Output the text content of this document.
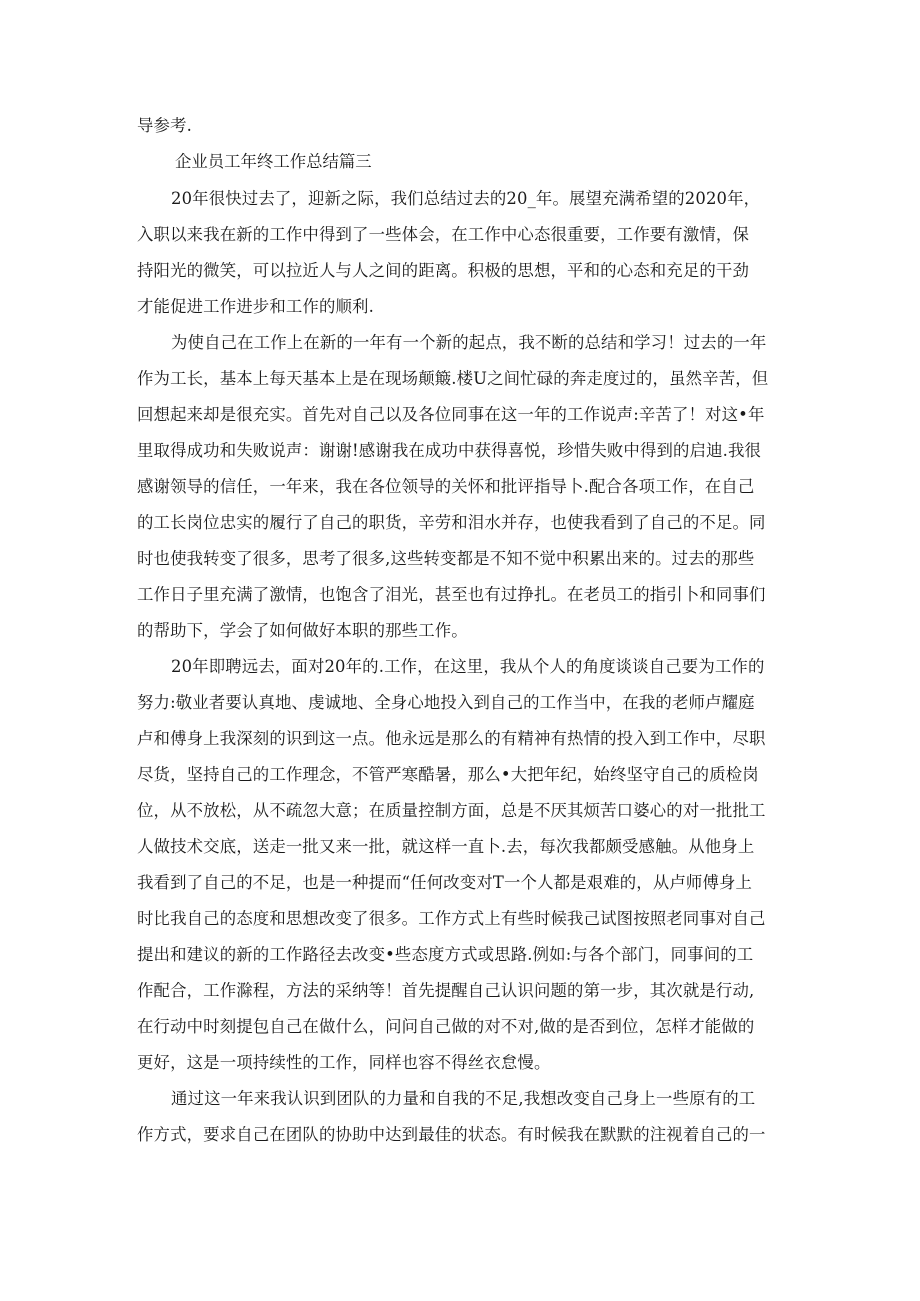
导参考.
企业员工年终工作总结篇三
20年很快过去了，迎新之际，我们总结过去的20_年。展望充满希望的2020年，
入职以来我在新的工作中得到了一些体会，在工作中心态很重要，工作要有激情，保
持阳光的微笑，可以拉近人与人之间的距离。积极的思想，平和的心态和充足的干劲
才能促进工作进步和工作的顺利.
为使自己在工作上在新的一年有一个新的起点，我不断的总结和学习！过去的一年
作为工长，基本上每天基本上是在现场颠簸.楼U之间忙碌的奔走度过的，虽然辛苦，但
回想起来却是很充实。首先对自己以及各位同事在这一年的工作说声:辛苦了！对这•年
里取得成功和失败说声：谢谢!感谢我在成功中获得喜悦，珍惜失败中得到的启迪.我很
感谢领导的信任，一年来，我在各位领导的关怀和批评指导卜.配合各项工作，在自己
的工长岗位忠实的履行了自己的职货，辛劳和泪水并存，也使我看到了自己的不足。同
时也使我转变了很多，思考了很多,这些转变都是不知不觉中积累出来的。过去的那些
工作日子里充满了激情，也饱含了泪光，甚至也有过挣扎。在老员工的指引卜和同事们
的帮助下，学会了如何做好本职的那些工作。
20年即聘远去，面对20年的.工作，在这里，我从个人的角度谈谈自己要为工作的
努力:敬业者要认真地、虔诚地、全身心地投入到自己的工作当中，在我的老师卢耀庭
卢和傅身上我深刻的识到这一点。他永远是那么的有精神有热情的投入到工作中，尽职
尽货，坚持自己的工作理念，不管严寒酷暑，那么•大把年纪，始终坚守自己的质检岗
位，从不放松，从不疏忽大意；在质量控制方面，总是不厌其烦苦口婆心的对一批批工
人做技术交底，送走一批又来一批，就这样一直卜.去，每次我都颇受感触。从他身上
我看到了自己的不足，也是一种提而“任何改变对T一个人都是艰难的，从卢师傅身上
时比我自己的态度和思想改变了很多。工作方式上有些时候我己试图按照老同事对自己
提出和建议的新的工作路径去改变•些态度方式或思路.例如:与各个部门，同事间的工
作配合，工作滁程，方法的采纳等！首先提醒自己认识问题的第一步，其次就是行动,
在行动中时刻提包自己在做什么，问问自己做的对不对,做的是否到位，怎样才能做的
更好，这是一项持续性的工作，同样也容不得丝衣怠慢。
通过这一年来我认识到团队的力量和自我的不足,我想改变自己身上一些原有的工
作方式，要求自己在团队的协助中达到最佳的状态。有时候我在默默的注视着自己的一
